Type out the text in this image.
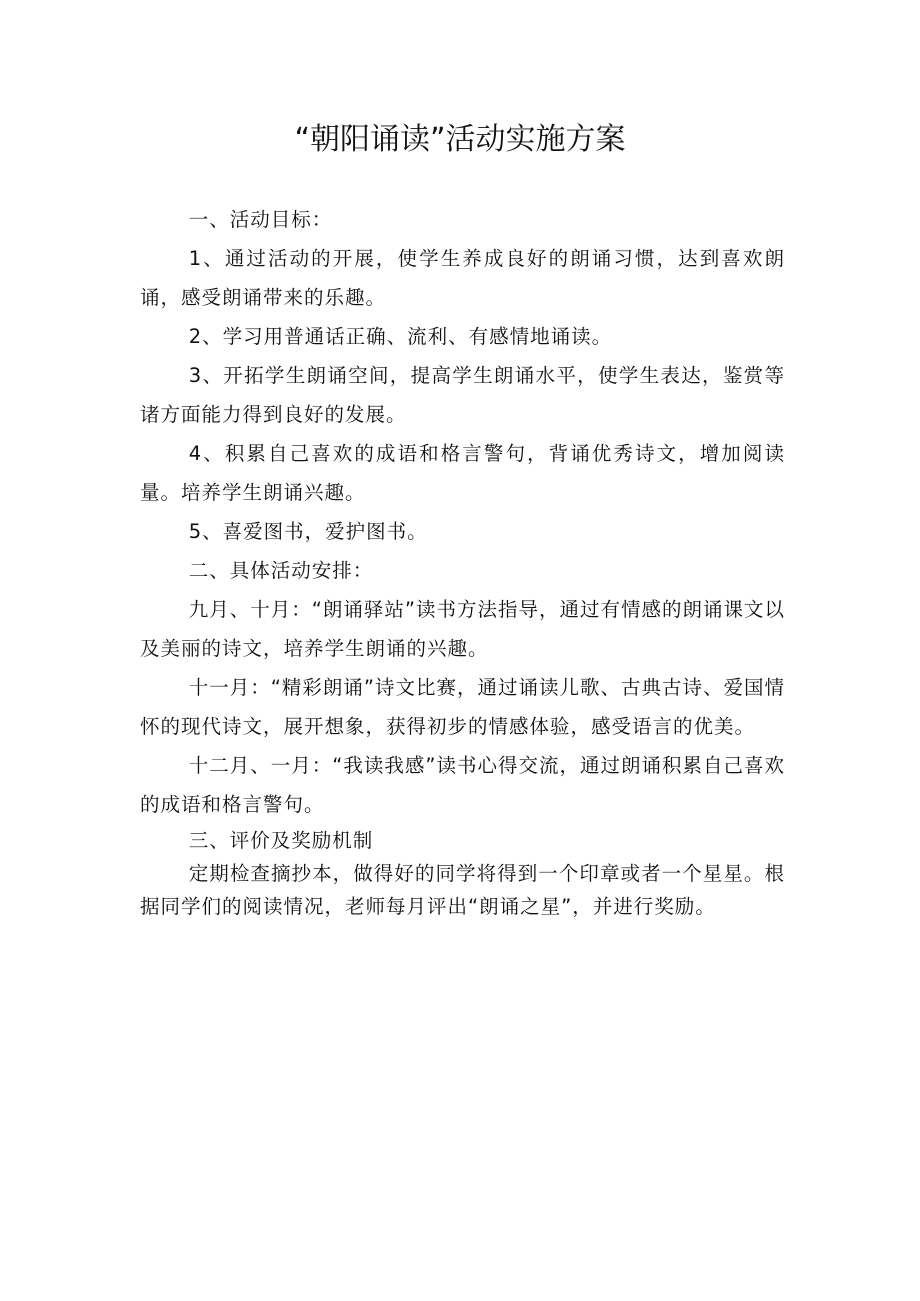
“朝阳诵读”活动实施方案

一、活动目标：

1、通过活动的开展，使学生养成良好的朗诵习惯，达到喜欢朗诵，感受朗诵带来的乐趣。

2、学习用普通话正确、流利、有感情地诵读。

3、开拓学生朗诵空间，提高学生朗诵水平，使学生表达，鉴赏等诸方面能力得到良好的发展。

4、积累自己喜欢的成语和格言警句，背诵优秀诗文，增加阅读量。培养学生朗诵兴趣。

5、喜爱图书，爱护图书。

二、具体活动安排：

九月、十月：“朗诵驿站”读书方法指导，通过有情感的朗诵课文以及美丽的诗文，培养学生朗诵的兴趣。

十一月：“精彩朗诵”诗文比赛，通过诵读儿歌、古典古诗、爱国情怀的现代诗文，展开想象，获得初步的情感体验，感受语言的优美。

十二月、一月：“我读我感”读书心得交流，通过朗诵积累自己喜欢的成语和格言警句。

三、评价及奖励机制

定期检查摘抄本，做得好的同学将得到一个印章或者一个星星。根据同学们的阅读情况，老师每月评出“朗诵之星”，并进行奖励。
